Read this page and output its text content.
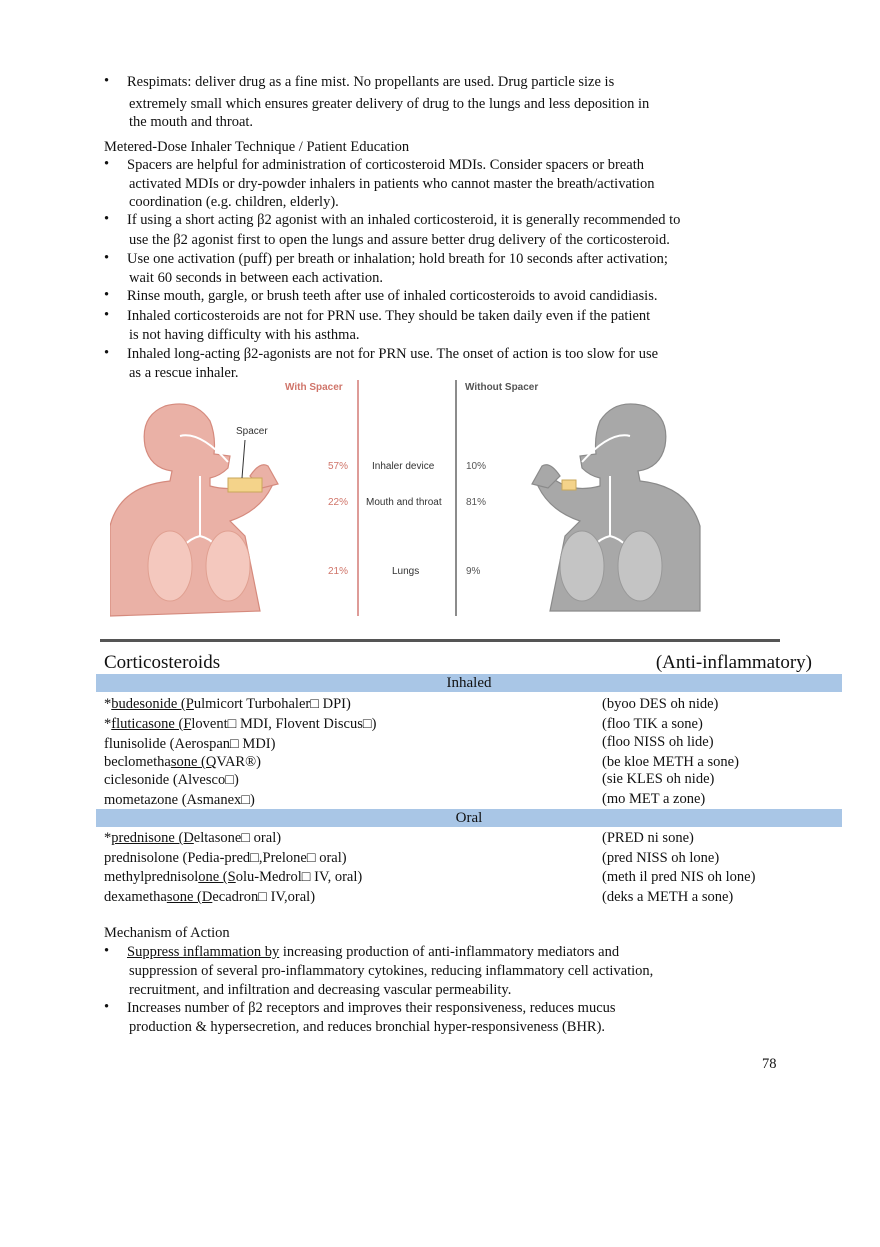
• Respimats: deliver drug as a fine mist. No propellants are used. Drug particle size is
extremely small which ensures greater delivery of drug to the lungs and less deposition in
the mouth and throat.
Metered-Dose Inhaler Technique / Patient Education
• Spacers are helpful for administration of corticosteroid MDIs. Consider spacers or breath
activated MDIs or dry-powder inhalers in patients who cannot master the breath/activation
coordination (e.g. children, elderly).
• If using a short acting β2 agonist with an inhaled corticosteroid, it is generally recommended to
use the β2 agonist first to open the lungs and assure better drug delivery of the corticosteroid.
• Use one activation (puff) per breath or inhalation; hold breath for 10 seconds after activation;
wait 60 seconds in between each activation.
• Rinse mouth, gargle, or brush teeth after use of inhaled corticosteroids to avoid candidiasis.
• Inhaled corticosteroids are not for PRN use. They should be taken daily even if the patient
is not having difficulty with his asthma.
• Inhaled long-acting β2-agonists are not for PRN use. The onset of action is too slow for use
as a rescue inhaler.
Spacer
With Spacer	Without Spacer
57% Inhaler device	10%
22% Mouth and throat 81%
21%	Lungs	9%
Corticosteroids	(Anti-inflammatory)
Inhaled
*budesonide (Pulmicort Turbohaler□ DPI)	(byoo DES oh nide)
*fluticasone (Flovent□ MDI, Flovent Discus□)	(floo TIK a sone)
flunisolide (Aerospan□ MDI)	(floo NISS oh lide)
beclomethasone (QVAR®)	(be kloe METH a sone)
ciclesonide (Alvesco□)	(sie KLES oh nide)
mometazone (Asmanex□)	(mo MET a zone)
Oral
*prednisone (Deltasone□ oral)	(PRED ni sone)
prednisolone (Pedia-pred□,Prelone□ oral)	(pred NISS oh lone)
methylprednisolone (Solu-Medrol□ IV, oral)	(meth il pred NIS oh lone)
dexamethasone (Decadron□ IV,oral)	(deks a METH a sone)
Mechanism of Action
• Suppress inflammation by increasing production of anti-inflammatory mediators and
suppression of several pro-inflammatory cytokines, reducing inflammatory cell activation,
recruitment, and infiltration and decreasing vascular permeability.
• Increases number of β2 receptors and improves their responsiveness, reduces mucus
production & hypersecretion, and reduces bronchial hyper-responsiveness (BHR).
78
